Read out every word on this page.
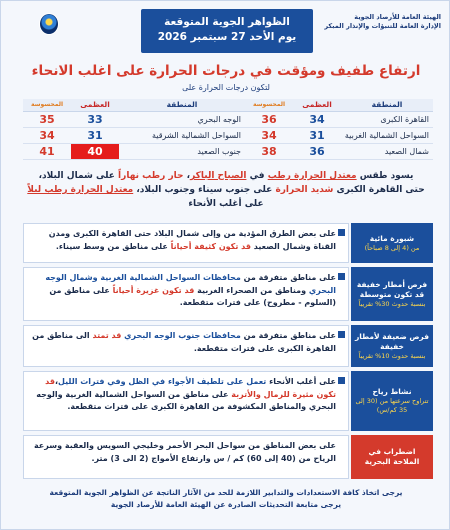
الظواهر الجوية المتوقعة
يوم الأحد 27 سبتمبر 2026
الهيئة العامة للأرصاد الجوية
الإدارة العامة للتنبؤات والإنذار المبكر
ارتفاع طفيف ومؤقت في درجات الحرارة على اغلب الانحاء
لتكون درجات الحرارة على
المنطقة	العظمى	المحسوسة	المنطقة	العظمى	المحسوسة
القاهرة الكبرى	34	36	الوجه البحري	33	35
السواحل الشمالية الغربية	31	34	السواحل الشمالية الشرقية	31	34
شمال الصعيد	36	38	جنوب الصعيد	40	41
يسود طقس معتدل الحرارة رطب في الصباح الباكر، حار رطب نهاراً على شمال البلاد،
حتى القاهرة الكبرى شديد الحرارة على جنوب سيناء وجنوب البلاد، معتدل الحرارة رطب ليلاً
على أغلب الأنحاء
على بعض الطرق المؤدية من وإلى شمال البلاد حتى القاهرة الكبرى ومدن القناة وشمال الصعيد قد تكون كثيفة أحياناً على مناطق من وسط سيناء.
شبورة مائية
من (4 إلى 8 صباحاً)
على مناطق متفرقة من محافظات السواحل الشمالية الغربية وشمال الوجه البحري ومناطق من الصحراء الغربية قد تكون غزيرة أحياناً على مناطق من (السلوم - مطروح) على فترات متقطعة.
فرص أمطار خفيفة قد تكون متوسطة
بنسبة حدوث 30% تقريباً
على مناطق متفرقة من محافظات جنوب الوجه البحري قد تمتد الى مناطق من القاهرة الكبرى على فترات متقطعة.
فرص ضعيفة لأمطار خفيفة
بنسبة حدوث 10% تقريباً
على أغلب الأنحاء تعمل على تلطيف الأجواء في الظل وفي فترات الليل،قد تكون مثيرة للرمال والأتربة على مناطق من السواحل الشمالية الغربية والوجه البحري والمناطق المكشوفة من القاهرة الكبرى على فترات متقطعة.
نشاط رياح
تتراوح سرعتها من (30 إلى 35 كم/س)
على بعض المناطق من سواحل البحر الأحمر وخليجي السويس والعقبة وسرعة الرياح من (40 إلى 60) كم / س وارتفاع الأمواج (2 الى 3) متر.
اضطراب في
الملاحة البحرية
يرجى اتخاذ كافة الاستعدادات والتدابير اللازمة للحد من الآثار الناتجة عن الظواهر الجوية المتوقعة
يرجى متابعة التحديثات الصادرة عن الهيئة العامة للأرصاد الجوية
